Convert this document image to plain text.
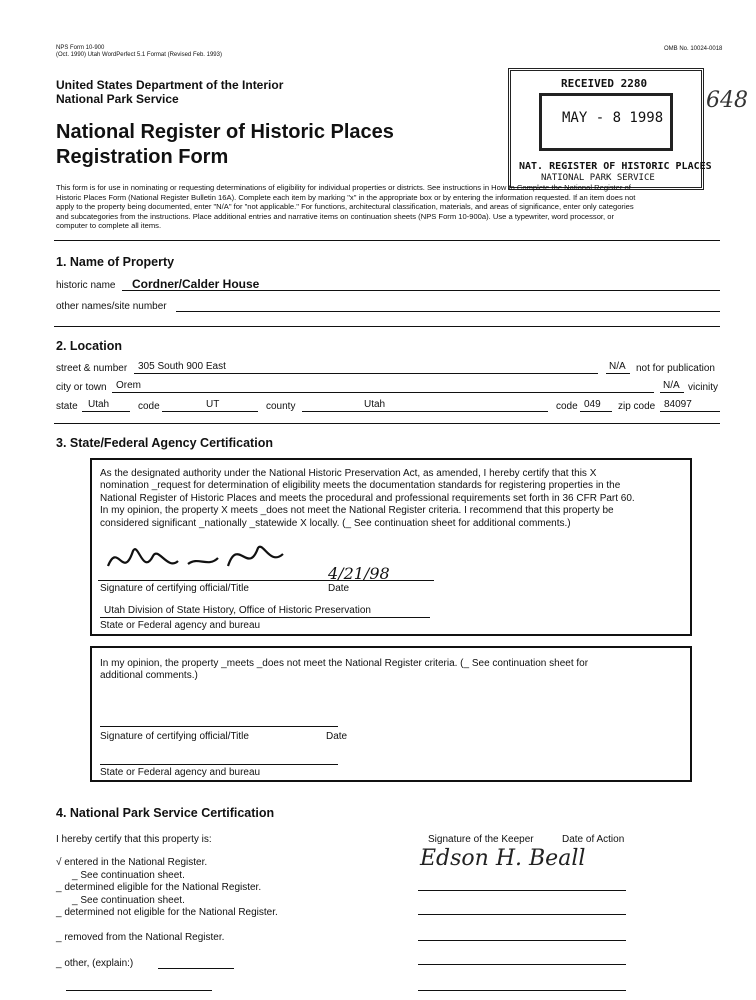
NPS Form 10-900
(Oct. 1990) Utah WordPerfect 5.1 Format (Revised Feb. 1993)
OMB No. 10024-0018
United States Department of the Interior
National Park Service
National Register of Historic Places
Registration Form
RECEIVED 2280
MAY - 8 1998
NAT. REGISTER OF HISTORIC PLACES
NATIONAL PARK SERVICE
648
This form is for use in nominating or requesting determinations of eligibility for individual properties or districts. See instructions in How to Complete the National Register of
Historic Places Form (National Register Bulletin 16A). Complete each item by marking "x" in the appropriate box or by entering the information requested. If an item does not
apply to the property being documented, enter "N/A" for "not applicable." For functions, architectural classification, materials, and areas of significance, enter only categories
and subcategories from the instructions. Place additional entries and narrative items on continuation sheets (NPS Form 10-900a). Use a typewriter, word processor, or
computer to complete all items.
1. Name of Property
historic name Cordner/Calder House
other names/site number
2. Location
street & number 305 South 900 East	N/A not for publication
city or town Orem	N/A vicinity
state Utah	code	UT	county	Utah	code 049 zip code 84097
3. State/Federal Agency Certification
As the designated authority under the National Historic Preservation Act, as amended, I hereby certify that this X
nomination _request for determination of eligibility meets the documentation standards for registering properties in the
National Register of Historic Places and meets the procedural and professional requirements set forth in 36 CFR Part 60.
In my opinion, the property X meets _does not meet the National Register criteria. I recommend that this property be
considered significant _nationally _statewide X locally. (_ See continuation sheet for additional comments.)
4/21/98
Signature of certifying official/Title	Date
Utah Division of State History, Office of Historic Preservation
State or Federal agency and bureau
In my opinion, the property _meets _does not meet the National Register criteria. (_ See continuation sheet for
additional comments.)
Signature of certifying official/Title	Date
State or Federal agency and bureau
4. National Park Service Certification
I hereby certify that this property is:
√ entered in the National Register.
_ See continuation sheet.
_ determined eligible for the National Register.
_ See continuation sheet.
_ determined not eligible for the National Register.
_ removed from the National Register.
_ other, (explain:)
Signature of the Keeper	Date of Action
Edson H. Beall
